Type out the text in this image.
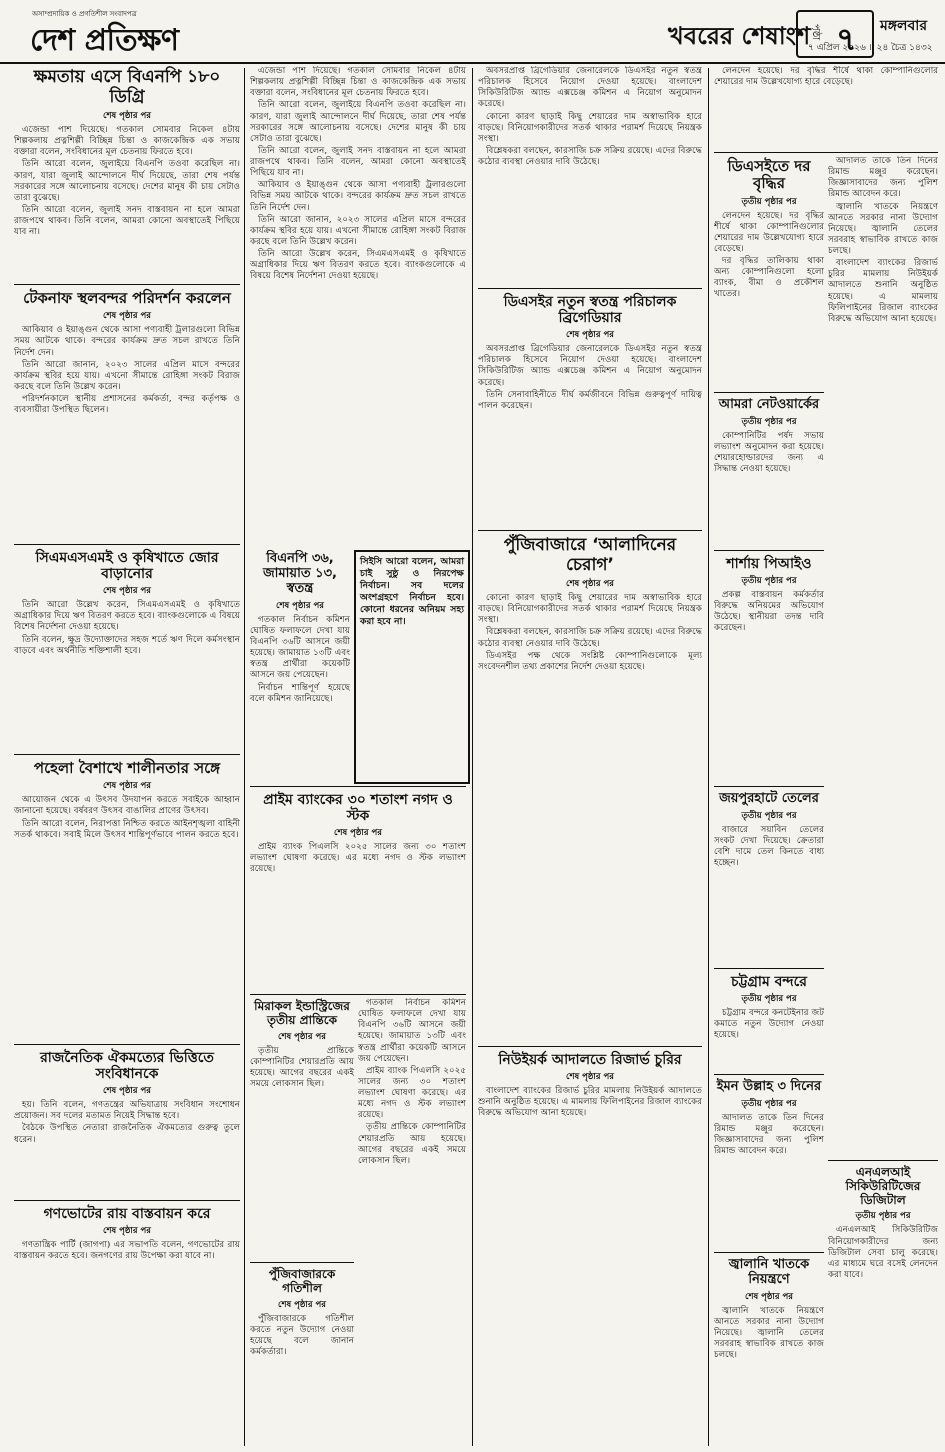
অসাম্প্রদায়িক ও প্রগতিশীল সংবাদপত্র
দেশ প্রতিক্ষণ	খবরের শেষাংশ পৃষ্ঠা ৭ মঙ্গলবার
৭ এপ্রিল ২০২৬ ॥ ২৪ চৈত্র ১৪৩২
ক্ষমতায় এসে বিএনপি ১৮০ ডিগ্রি
শেষ পৃষ্ঠার পর

এজেন্ডা পাশ দিয়েছে। গতকাল সোমবার নিকেল ৪টায় শিল্পকলায় প্রত্নশিল্পী বিচ্ছিন্ন চিন্তা ও কাজকেন্দ্রিক এক সভায় বক্তারা বলেন, সংবিধানের মূল চেতনায় ফিরতে হবে।

তিনি আরো বলেন, জুলাইয়ে বিএনপি তওবা করেছিল না। কারণ, যারা জুলাই আন্দোলনে দীর্ঘ দিয়েছে, তারা শেষ পর্যন্ত সরকারের সঙ্গে আলোচনায় বসেছে। দেশের মানুষ কী চায় সেটাও তারা বুঝেছে।

তিনি আরো বলেন, জুলাই সনদ বাস্তবায়ন না হলে আমরা রাজপথে থাকব। তিনি বলেন, আমরা কোনো অবস্থাতেই পিছিয়ে যাব না।

টেকনাফ স্থলবন্দর পরিদর্শন করলেন
শেষ পৃষ্ঠার পর

আকিয়াব ও ইয়াঙ্গুন থেকে আসা পণ্যবাহী ট্রলারগুলো বিভিন্ন সময় আটকে থাকে। বন্দরের কার্যক্রম দ্রুত সচল রাখতে তিনি নির্দেশ দেন।

তিনি আরো জানান, ২০২৩ সালের এপ্রিল মাসে বন্দরের কার্যক্রম স্থবির হয়ে যায়। এখনো সীমান্তে রোহিঙ্গা সংকট বিরাজ করছে বলে তিনি উল্লেখ করেন।

পরিদর্শনকালে স্থানীয় প্রশাসনের কর্মকর্তা, বন্দর কর্তৃপক্ষ ও ব্যবসায়ীরা উপস্থিত ছিলেন।

সিএমএসএমই ও কৃষিখাতে জোর বাড়ানোর
শেষ পৃষ্ঠার পর

তিনি আরো উল্লেখ করেন, সিএমএসএমই ও কৃষিখাতে অগ্রাধিকার দিয়ে ঋণ বিতরণ করতে হবে। ব্যাংকগুলোকে এ বিষয়ে বিশেষ নির্দেশনা দেওয়া হয়েছে।

তিনি বলেন, ক্ষুদ্র উদ্যোক্তাদের সহজ শর্তে ঋণ দিলে কর্মসংস্থান বাড়বে এবং অর্থনীতি শক্তিশালী হবে।

পহেলা বৈশাখে শালীনতার সঙ্গে
শেষ পৃষ্ঠার পর

আয়োজন থেকে এ উৎসব উদযাপন করতে সবাইকে আহ্বান জানানো হয়েছে। বর্ষবরণ উৎসব বাঙালির প্রাণের উৎসব।

তিনি আরো বলেন, নিরাপত্তা নিশ্চিত করতে আইনশৃঙ্খলা বাহিনী সতর্ক থাকবে। সবাই মিলে উৎসব শান্তিপূর্ণভাবে পালন করতে হবে।

রাজনৈতিক ঐকমত্যের ভিত্তিতে সংবিধানকে
শেষ পৃষ্ঠার পর

হয়। তিনি বলেন, গণতন্ত্রের অভিযাত্রায় সংবিধান সংশোধন প্রয়োজন। সব দলের মতামত নিয়েই সিদ্ধান্ত হবে।

বৈঠকে উপস্থিত নেতারা রাজনৈতিক ঐকমত্যের গুরুত্ব তুলে ধরেন।

গণভোটের রায় বাস্তবায়ন করে
শেষ পৃষ্ঠার পর

গণতান্ত্রিক পার্টি (জাগপা) এর সভাপতি বলেন, গণভোটের রায় বাস্তবায়ন করতে হবে। জনগণের রায় উপেক্ষা করা যাবে না।

এজেন্ডা পাশ দিয়েছে। গতকাল সোমবার নিকেল ৪টায় শিল্পকলায় প্রত্নশিল্পী বিচ্ছিন্ন চিন্তা ও কাজকেন্দ্রিক এক সভায় বক্তারা বলেন, সংবিধানের মূল চেতনায় ফিরতে হবে।

তিনি আরো বলেন, জুলাইয়ে বিএনপি তওবা করেছিল না। কারণ, যারা জুলাই আন্দোলনে দীর্ঘ দিয়েছে, তারা শেষ পর্যন্ত সরকারের সঙ্গে আলোচনায় বসেছে। দেশের মানুষ কী চায় সেটাও তারা বুঝেছে।

তিনি আরো বলেন, জুলাই সনদ বাস্তবায়ন না হলে আমরা রাজপথে থাকব। তিনি বলেন, আমরা কোনো অবস্থাতেই পিছিয়ে যাব না।

আকিয়াব ও ইয়াঙ্গুন থেকে আসা পণ্যবাহী ট্রলারগুলো বিভিন্ন সময় আটকে থাকে। বন্দরের কার্যক্রম দ্রুত সচল রাখতে তিনি নির্দেশ দেন।

তিনি আরো জানান, ২০২৩ সালের এপ্রিল মাসে বন্দরের কার্যক্রম স্থবির হয়ে যায়। এখনো সীমান্তে রোহিঙ্গা সংকট বিরাজ করছে বলে তিনি উল্লেখ করেন।

তিনি আরো উল্লেখ করেন, সিএমএসএমই ও কৃষিখাতে অগ্রাধিকার দিয়ে ঋণ বিতরণ করতে হবে। ব্যাংকগুলোকে এ বিষয়ে বিশেষ নির্দেশনা দেওয়া হয়েছে।

বিএনপি ৩৬, জামায়াত ১৩, স্বতন্ত্র
শেষ পৃষ্ঠার পর

গতকাল নির্বাচন কমিশন ঘোষিত ফলাফলে দেখা যায় বিএনপি ৩৬টি আসনে জয়ী হয়েছে। জামায়াত ১৩টি এবং স্বতন্ত্র প্রার্থীরা কয়েকটি আসনে জয় পেয়েছেন।

নির্বাচন শান্তিপূর্ণ হয়েছে বলে কমিশন জানিয়েছে।

সিইসি আরো বলেন, আমরা চাই সুষ্ঠু ও নিরপেক্ষ নির্বাচন। সব দলের অংশগ্রহণে নির্বাচন হবে। কোনো ধরনের অনিয়ম সহ্য করা হবে না।
প্রাইম ব্যাংকের ৩০ শতাংশ নগদ ও স্টক
শেষ পৃষ্ঠার পর

প্রাইম ব্যাংক পিএলসি ২০২৫ সালের জন্য ৩০ শতাংশ লভ্যাংশ ঘোষণা করেছে। এর মধ্যে নগদ ও স্টক লভ্যাংশ রয়েছে।

মিরাকল ইন্ডাস্ট্রিজের তৃতীয় প্রান্তিকে
শেষ পৃষ্ঠার পর

তৃতীয় প্রান্তিকে কোম্পানিটির শেয়ারপ্রতি আয় হয়েছে। আগের বছরের একই সময়ে লোকসান ছিল।

গতকাল নির্বাচন কমিশন ঘোষিত ফলাফলে দেখা যায় বিএনপি ৩৬টি আসনে জয়ী হয়েছে। জামায়াত ১৩টি এবং স্বতন্ত্র প্রার্থীরা কয়েকটি আসনে জয় পেয়েছেন।

প্রাইম ব্যাংক পিএলসি ২০২৫ সালের জন্য ৩০ শতাংশ লভ্যাংশ ঘোষণা করেছে। এর মধ্যে নগদ ও স্টক লভ্যাংশ রয়েছে।

তৃতীয় প্রান্তিকে কোম্পানিটির শেয়ারপ্রতি আয় হয়েছে। আগের বছরের একই সময়ে লোকসান ছিল।

পুঁজিবাজারকে গতিশীল
শেষ পৃষ্ঠার পর

পুঁজিবাজারকে গতিশীল করতে নতুন উদ্যোগ নেওয়া হয়েছে বলে জানান কর্মকর্তারা।

অবসরপ্রাপ্ত ব্রিগেডিয়ার জেনারেলকে ডিএসইর নতুন স্বতন্ত্র পরিচালক হিসেবে নিয়োগ দেওয়া হয়েছে। বাংলাদেশ সিকিউরিটিজ অ্যান্ড এক্সচেঞ্জ কমিশন এ নিয়োগ অনুমোদন করেছে।

কোনো কারণ ছাড়াই কিছু শেয়ারের দাম অস্বাভাবিক হারে বাড়ছে। বিনিয়োগকারীদের সতর্ক থাকার পরামর্শ দিয়েছে নিয়ন্ত্রক সংস্থা।

বিশ্লেষকরা বলছেন, কারসাজি চক্র সক্রিয় রয়েছে। এদের বিরুদ্ধে কঠোর ব্যবস্থা নেওয়ার দাবি উঠেছে।

ডিএসইর নতুন স্বতন্ত্র পরিচালক ব্রিগেডিয়ার
শেষ পৃষ্ঠার পর

অবসরপ্রাপ্ত ব্রিগেডিয়ার জেনারেলকে ডিএসইর নতুন স্বতন্ত্র পরিচালক হিসেবে নিয়োগ দেওয়া হয়েছে। বাংলাদেশ সিকিউরিটিজ অ্যান্ড এক্সচেঞ্জ কমিশন এ নিয়োগ অনুমোদন করেছে।

তিনি সেনাবাহিনীতে দীর্ঘ কর্মজীবনে বিভিন্ন গুরুত্বপূর্ণ দায়িত্ব পালন করেছেন।

পুঁজিবাজারে ‘আলাদিনের চেরাগ’
শেষ পৃষ্ঠার পর

কোনো কারণ ছাড়াই কিছু শেয়ারের দাম অস্বাভাবিক হারে বাড়ছে। বিনিয়োগকারীদের সতর্ক থাকার পরামর্শ দিয়েছে নিয়ন্ত্রক সংস্থা।

বিশ্লেষকরা বলছেন, কারসাজি চক্র সক্রিয় রয়েছে। এদের বিরুদ্ধে কঠোর ব্যবস্থা নেওয়ার দাবি উঠেছে।

ডিএসইর পক্ষ থেকে সংশ্লিষ্ট কোম্পানিগুলোকে মূল্য সংবেদনশীল তথ্য প্রকাশের নির্দেশ দেওয়া হয়েছে।

নিউইয়র্ক আদালতে রিজার্ভ চুরির
শেষ পৃষ্ঠার পর

বাংলাদেশ ব্যাংকের রিজার্ভ চুরির মামলায় নিউইয়র্ক আদালতে শুনানি অনুষ্ঠিত হয়েছে। এ মামলায় ফিলিপাইনের রিজাল ব্যাংকের বিরুদ্ধে অভিযোগ আনা হয়েছে।

লেনদেন হয়েছে। দর বৃদ্ধির শীর্ষে থাকা কোম্পানিগুলোর শেয়ারের দাম উল্লেখযোগ্য হারে বেড়েছে।

ডিএসইতে দর বৃদ্ধির
তৃতীয় পৃষ্ঠার পর

লেনদেন হয়েছে। দর বৃদ্ধির শীর্ষে থাকা কোম্পানিগুলোর শেয়ারের দাম উল্লেখযোগ্য হারে বেড়েছে।

দর বৃদ্ধির তালিকায় থাকা অন্য কোম্পানিগুলো হলো ব্যাংক, বীমা ও প্রকৌশল খাতের।

আদালত তাকে তিন দিনের রিমান্ড মঞ্জুর করেছেন। জিজ্ঞাসাবাদের জন্য পুলিশ রিমান্ড আবেদন করে।

জ্বালানি খাতকে নিয়ন্ত্রণে আনতে সরকার নানা উদ্যোগ নিয়েছে। জ্বালানি তেলের সরবরাহ স্বাভাবিক রাখতে কাজ চলছে।

বাংলাদেশ ব্যাংকের রিজার্ভ চুরির মামলায় নিউইয়র্ক আদালতে শুনানি অনুষ্ঠিত হয়েছে। এ মামলায় ফিলিপাইনের রিজাল ব্যাংকের বিরুদ্ধে অভিযোগ আনা হয়েছে।

আমরা নেটওয়ার্কের
তৃতীয় পৃষ্ঠার পর

কোম্পানিটির পর্ষদ সভায় লভ্যাংশ অনুমোদন করা হয়েছে। শেয়ারহোল্ডারদের জন্য এ সিদ্ধান্ত নেওয়া হয়েছে।

শার্শায় পিআইও
তৃতীয় পৃষ্ঠার পর

প্রকল্প বাস্তবায়ন কর্মকর্তার বিরুদ্ধে অনিয়মের অভিযোগ উঠেছে। স্থানীয়রা তদন্ত দাবি করেছেন।

জয়পুরহাটে তেলের
তৃতীয় পৃষ্ঠার পর

বাজারে সয়াবিন তেলের সংকট দেখা দিয়েছে। ক্রেতারা বেশি দামে তেল কিনতে বাধ্য হচ্ছেন।

চট্টগ্রাম বন্দরে
তৃতীয় পৃষ্ঠার পর

চট্টগ্রাম বন্দরে কনটেইনার জট কমাতে নতুন উদ্যোগ নেওয়া হয়েছে।

ইমন উল্লাহ ৩ দিনের
তৃতীয় পৃষ্ঠার পর

আদালত তাকে তিন দিনের রিমান্ড মঞ্জুর করেছেন। জিজ্ঞাসাবাদের জন্য পুলিশ রিমান্ড আবেদন করে।

জ্বালানি খাতকে নিয়ন্ত্রণে
শেষ পৃষ্ঠার পর

জ্বালানি খাতকে নিয়ন্ত্রণে আনতে সরকার নানা উদ্যোগ নিয়েছে। জ্বালানি তেলের সরবরাহ স্বাভাবিক রাখতে কাজ চলছে।

এনএলআই সিকিউরিটিজের ডিজিটাল
তৃতীয় পৃষ্ঠার পর

এনএলআই সিকিউরিটিজ বিনিয়োগকারীদের জন্য ডিজিটাল সেবা চালু করেছে। এর মাধ্যমে ঘরে বসেই লেনদেন করা যাবে।
